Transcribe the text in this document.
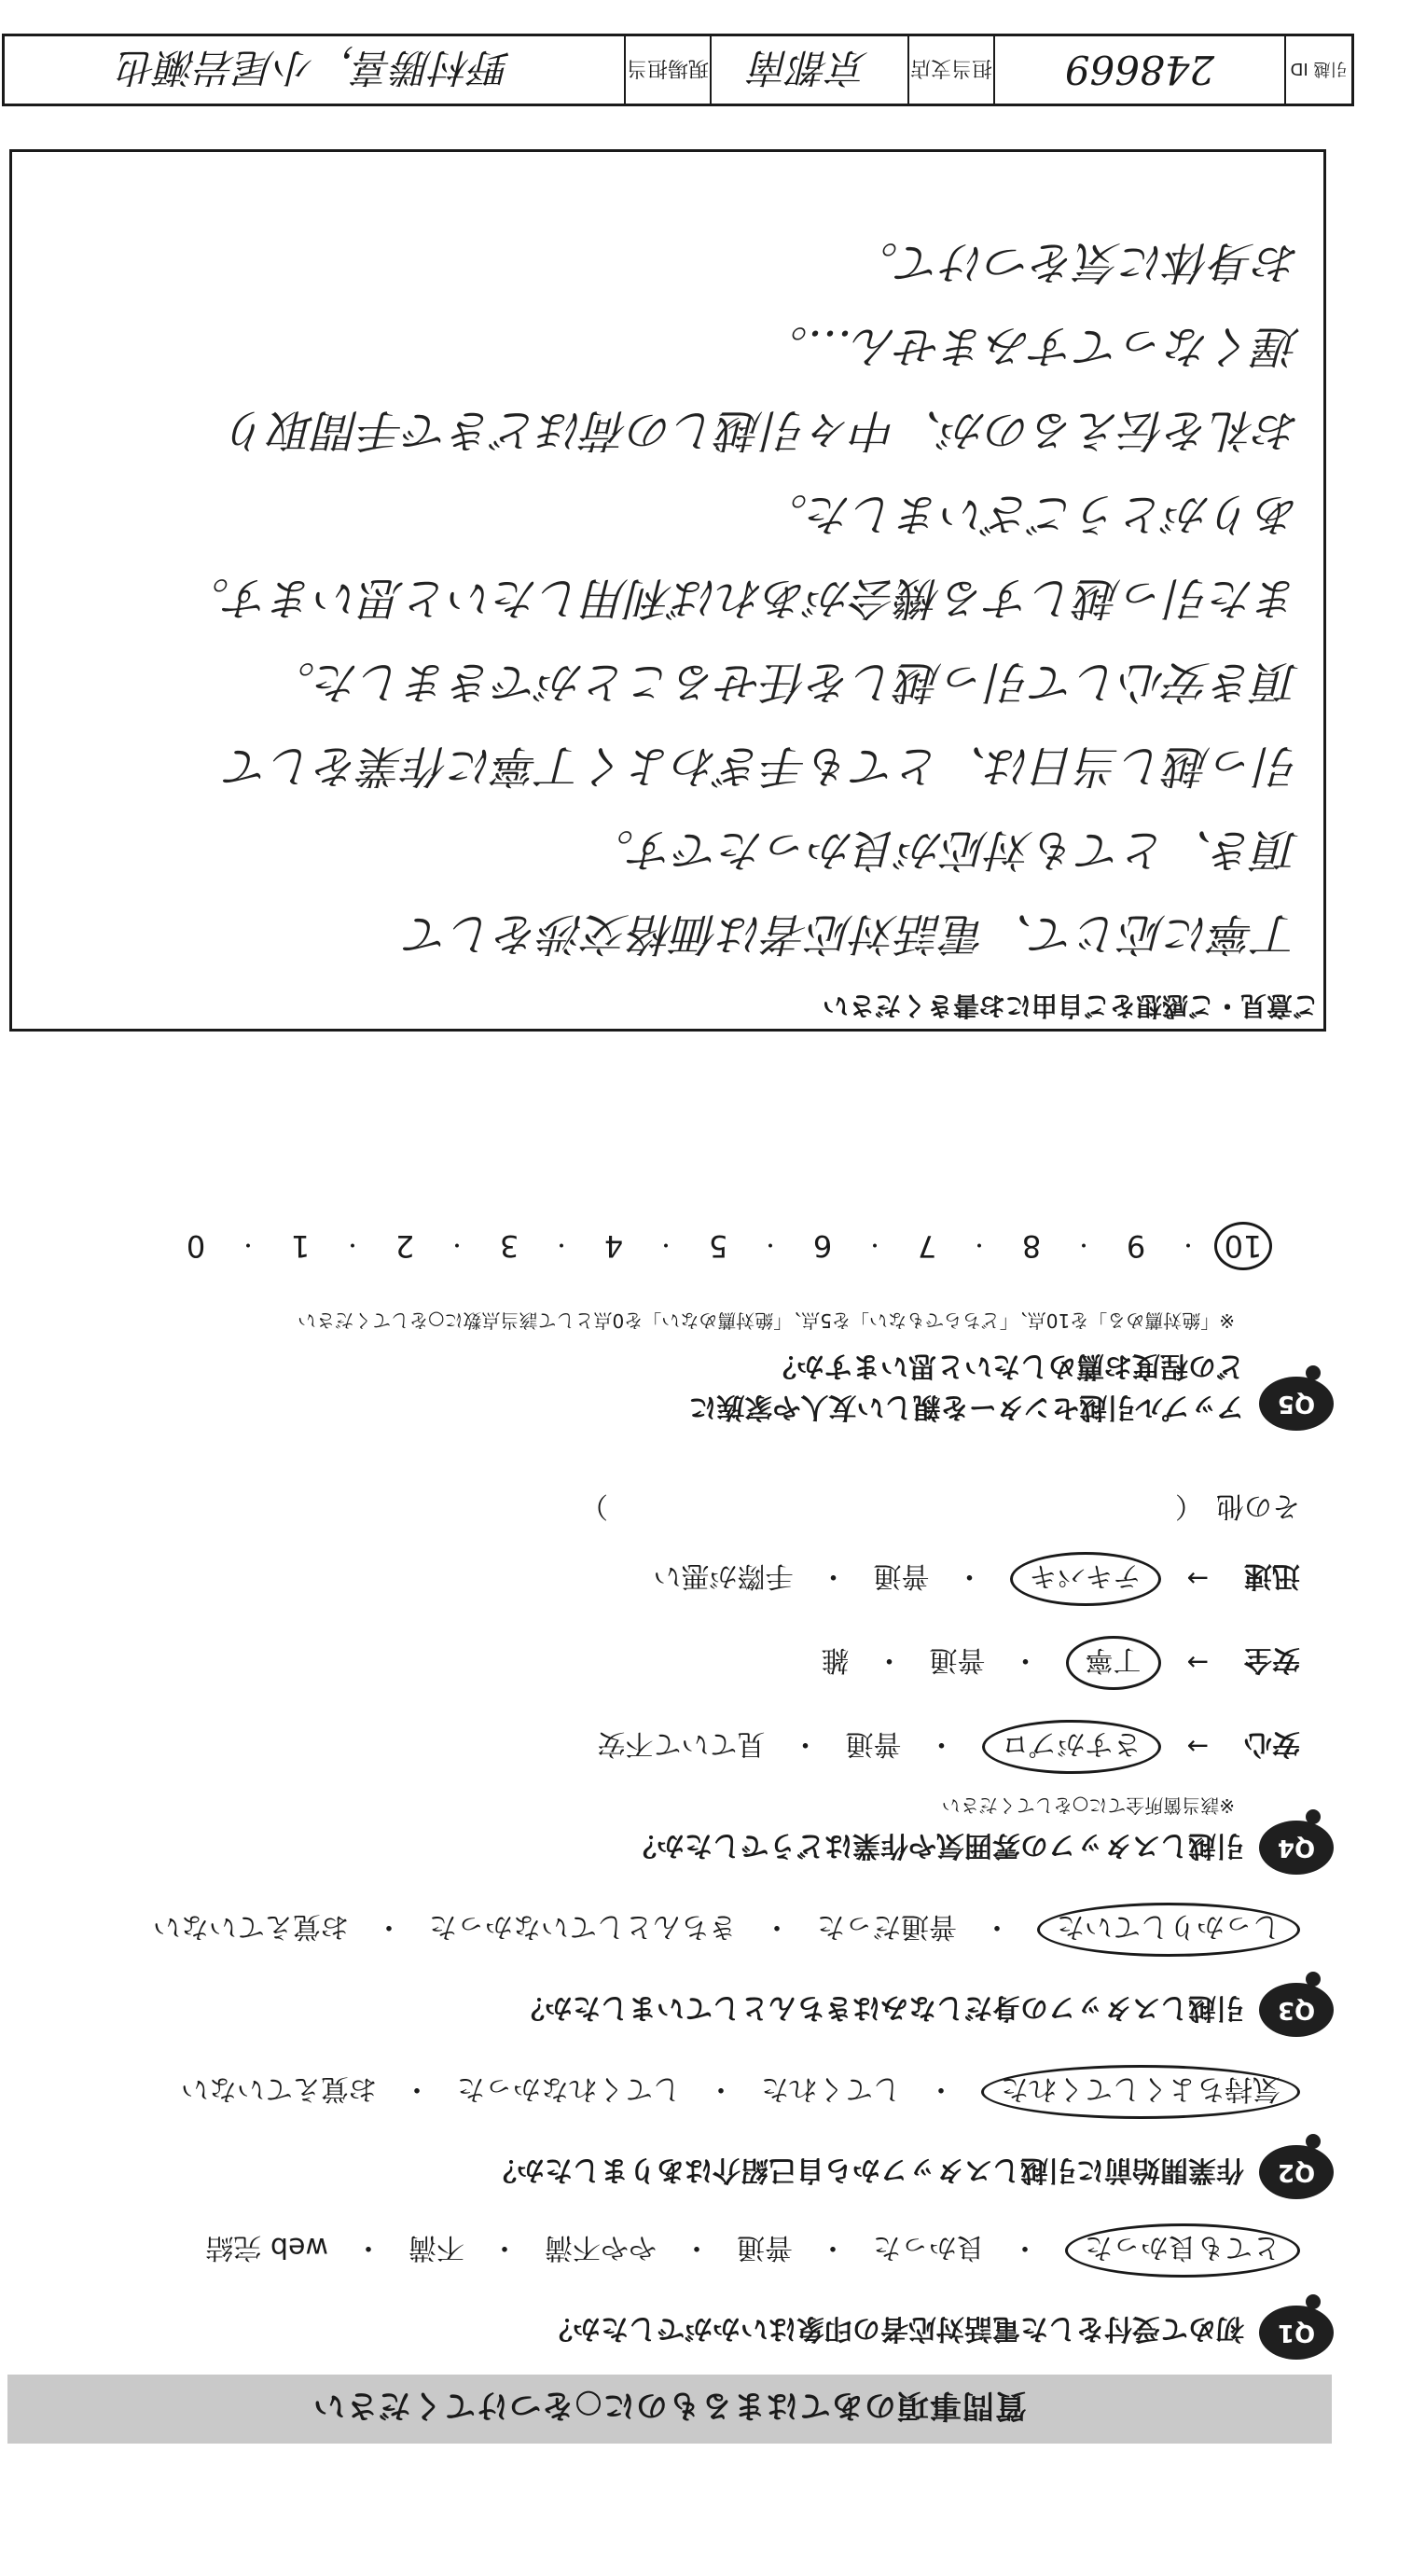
質問事項のあてはまるものに○をつけてください
Q1
初めて受付をした電話対応者の印象はいかがでしたか？
とても良かった
・
良かった
・
普通
・
やや不満
・
不満
・
web 完結
Q2
作業開始前に引越しスタッフから自己紹介はありましたか？
気持ちよくしてくれた
・
してくれた
・
してくれなかった
・
お覚えていない
Q3
引越しスタッフの身だしなみはきちんとしていましたか？
しっかりしていた
・
普通だった
・
きちんとしていなかった
・
お覚えていない
Q4
引越しスタッフの雰囲気や作業はどうでしたか？
※該当箇所全てに○をしてください
安心
→
さすがプロ
・
普通
・
見ていて不安
安全
→
丁寧
・
普通
・
雑
迅速
→
テキパキ
・
普通
・
手際が悪い
その他
（
）
Q5
アップル引越センターを親しい友人や家族に
どの程度お薦めしたいと思いますか？
※「絶対薦める」を10点、「どちらでもない」を5点、「絶対薦めない」を0点として該当点数に○をしてください
10
・
9
・
8
・
7
・
6
・
5
・
4
・
3
・
2
・
1
・
0
ご意見・ご感想をご自由にお書きください
丁寧に応じて、電話対応者は価格交渉をして
頂き、とても対応が良かったです。
引っ越し当日は、とても手ぎわよく丁寧に作業をして
頂き安心して引っ越しを任せることができました。
また引っ越しする機会があれば利用したいと思います。
ありがとうございました。
お礼を伝えるのが、中々引越しの荷ほどきで手間取り
遅くなってすみません…。
お身体に気をつけて。
引越 ID
248669
担当支店
京都南
現場担当
野村勝喜，小尾岩瀬也
